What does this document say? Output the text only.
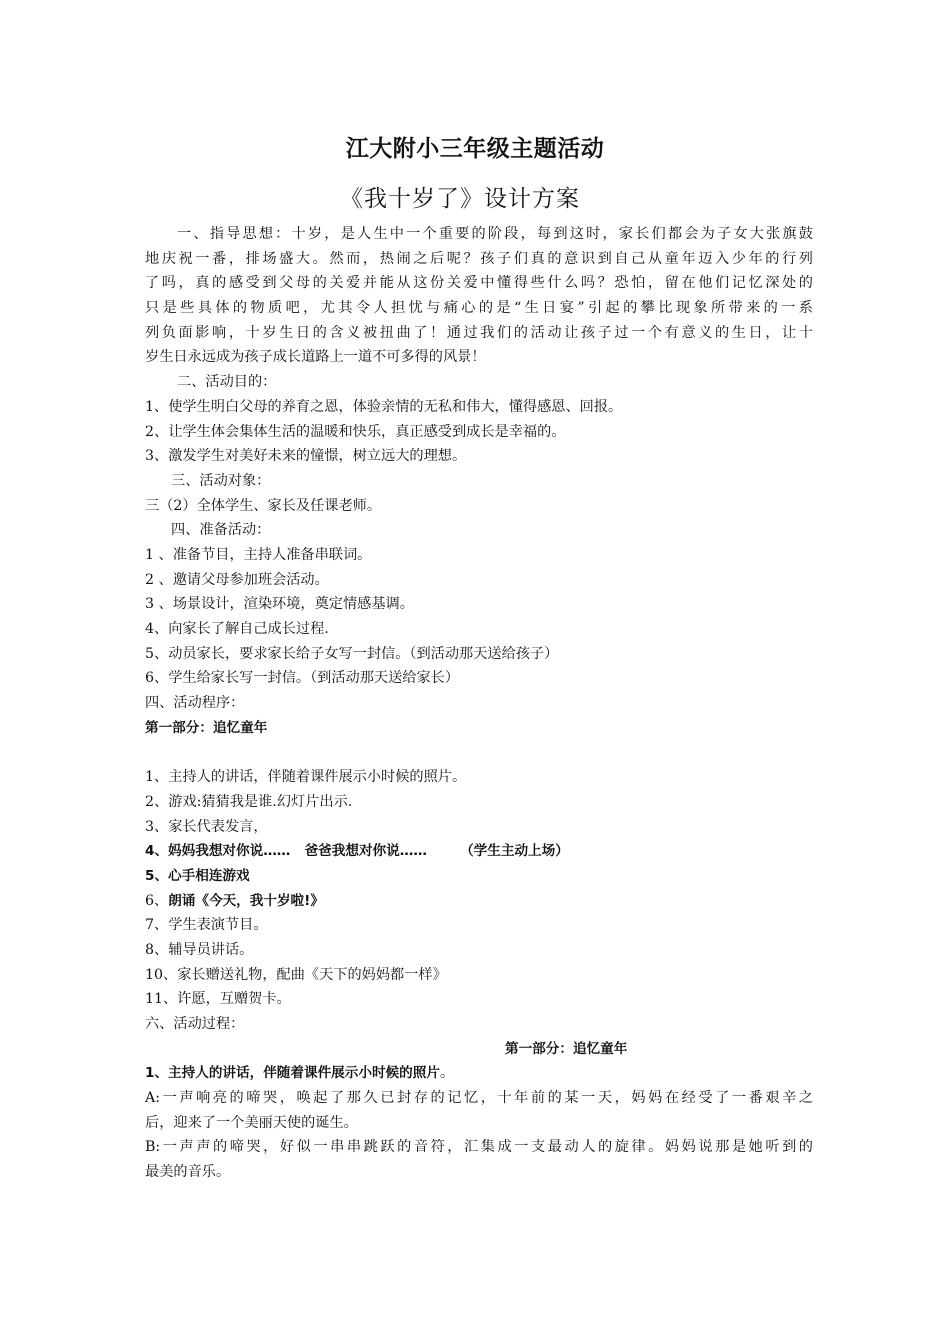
江大附小三年级主题活动
《我十岁了》设计方案
一、指导思想：十岁，是人生中一个重要的阶段，每到这时，家长们都会为子女大张旗鼓
地庆祝一番，排场盛大。然而，热闹之后呢？孩子们真的意识到自己从童年迈入少年的行列
了吗，真的感受到父母的关爱并能从这份关爱中懂得些什么吗？恐怕，留在他们记忆深处的
只是些具体的物质吧，尤其令人担忧与痛心的是“生日宴”引起的攀比现象所带来的一系
列负面影响，十岁生日的含义被扭曲了！通过我们的活动让孩子过一个有意义的生日，让十
岁生日永远成为孩子成长道路上一道不可多得的风景！
二、活动目的：
1、使学生明白父母的养育之恩，体验亲情的无私和伟大，懂得感恩、回报。
2、让学生体会集体生活的温暖和快乐，真正感受到成长是幸福的。
3、激发学生对美好未来的憧憬，树立远大的理想。
三、活动对象：
三（2）全体学生、家长及任课老师。
四、准备活动：
1 、准备节目，主持人准备串联词。
2 、邀请父母参加班会活动。
3 、场景设计，渲染环境，奠定情感基调。
4、向家长了解自己成长过程.
5、动员家长，要求家长给子女写一封信。（到活动那天送给孩子）
6、学生给家长写一封信。（到活动那天送给家长）
四、活动程序：
第一部分：追忆童年
1、主持人的讲话，伴随着课件展示小时候的照片。
2、游戏:猜猜我是谁.幻灯片出示.
3、家长代表发言，
4、妈妈我想对你说……   爸爸我想对你说……       （学生主动上场）
5、心手相连游戏
6、朗诵《今天，我十岁啦!》
7、学生表演节目。
8、辅导员讲话。
10、家长赠送礼物，配曲《天下的妈妈都一样》
11、许愿，互赠贺卡。
六、活动过程：
第一部分：追忆童年
1、主持人的讲话，伴随着课件展示小时候的照片。
A:一声响亮的啼哭，唤起了那久已封存的记忆，十年前的某一天，妈妈在经受了一番艰辛之
后，迎来了一个美丽天使的诞生。
B:一声声的啼哭，好似一串串跳跃的音符，汇集成一支最动人的旋律。妈妈说那是她听到的
最美的音乐。
